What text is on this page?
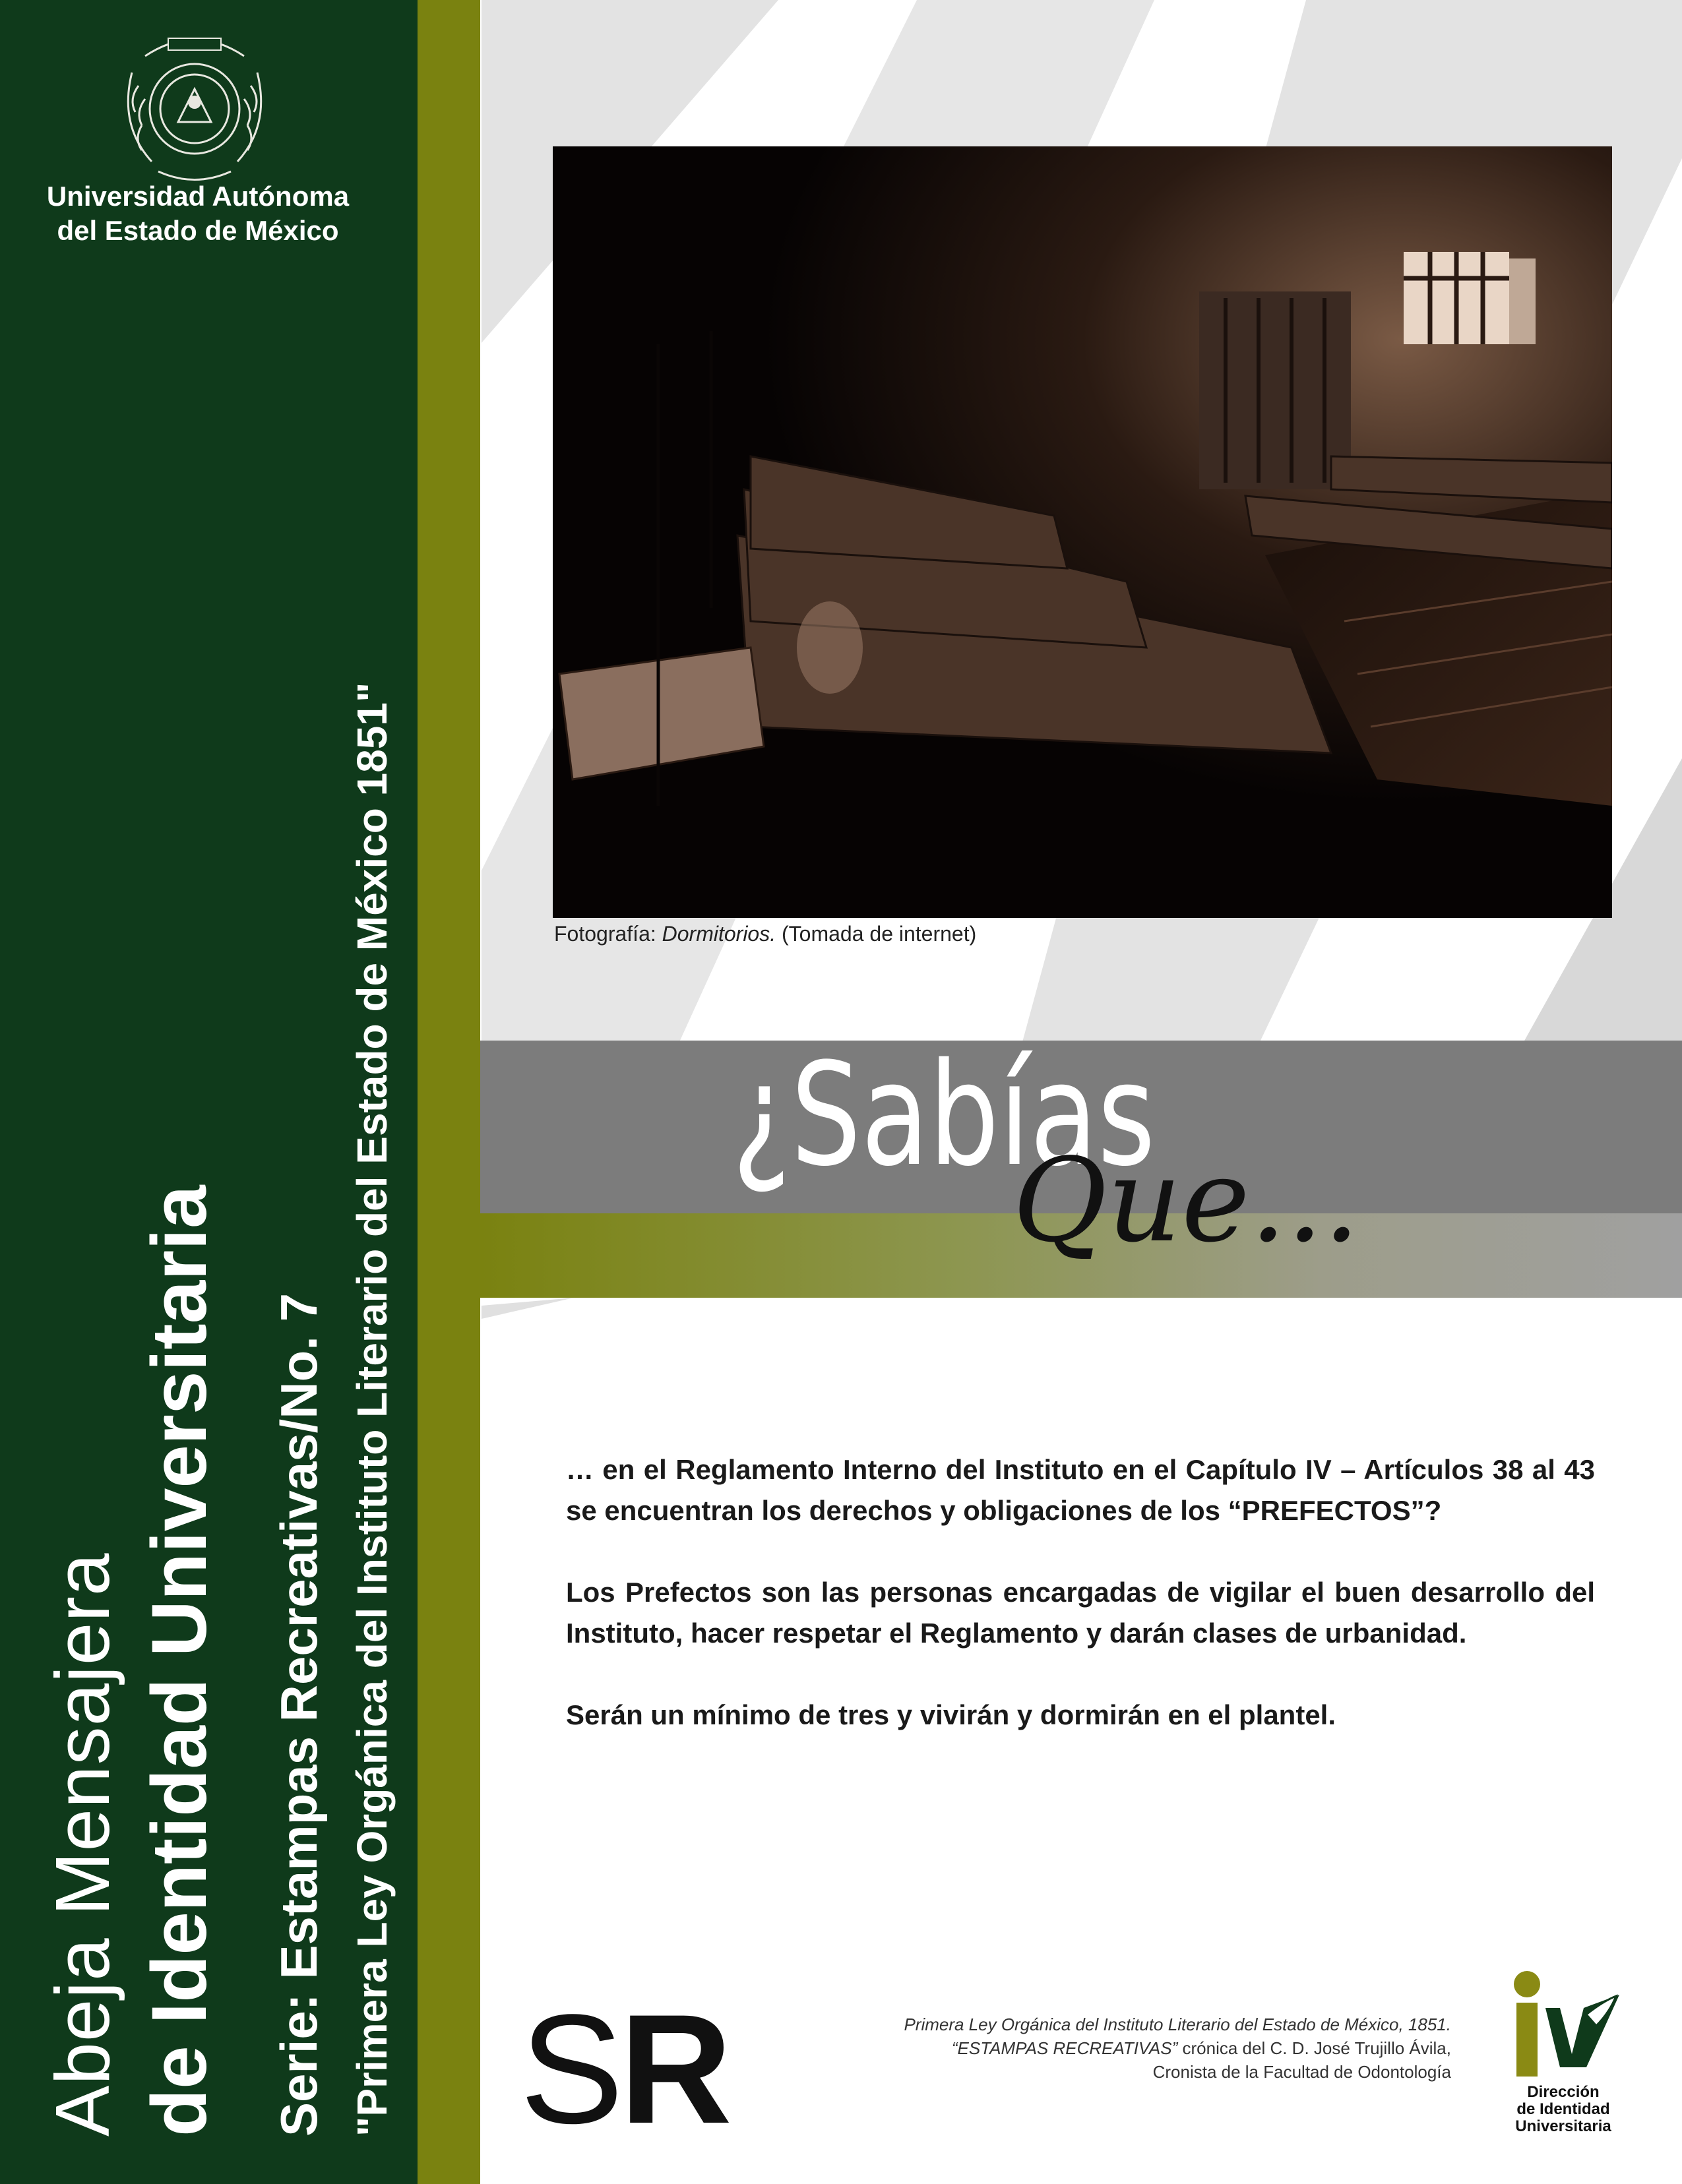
Universidad Autónoma
del Estado de México
Abeja Mensajera de Identidad Universitaria Serie: Estampas Recreativas/No. 7 "Primera Ley Orgánica del Instituto Literario del Estado de México 1851"	Fotografía: Dormitorios. (Tomada de internet)
¿Sabías
Que...

… en el Reglamento Interno del Instituto en el Capítulo IV – Artículos 38 al 43 se encuentran los derechos y obligaciones de los “PREFECTOS”?

Los Prefectos son las personas encargadas de vigilar el buen desarrollo del Instituto, hacer respetar el Reglamento y darán clases de urbanidad.

Serán un mínimo de tres y vivirán y dormirán en el plantel.

SR	Primera Ley Orgánica del Instituto Literario del Estado de México, 1851.
“ESTAMPAS RECREATIVAS” crónica del C. D. José Trujillo Ávila,
Cronista de la Facultad de Odontología
Dirección
de Identidad
Universitaria
